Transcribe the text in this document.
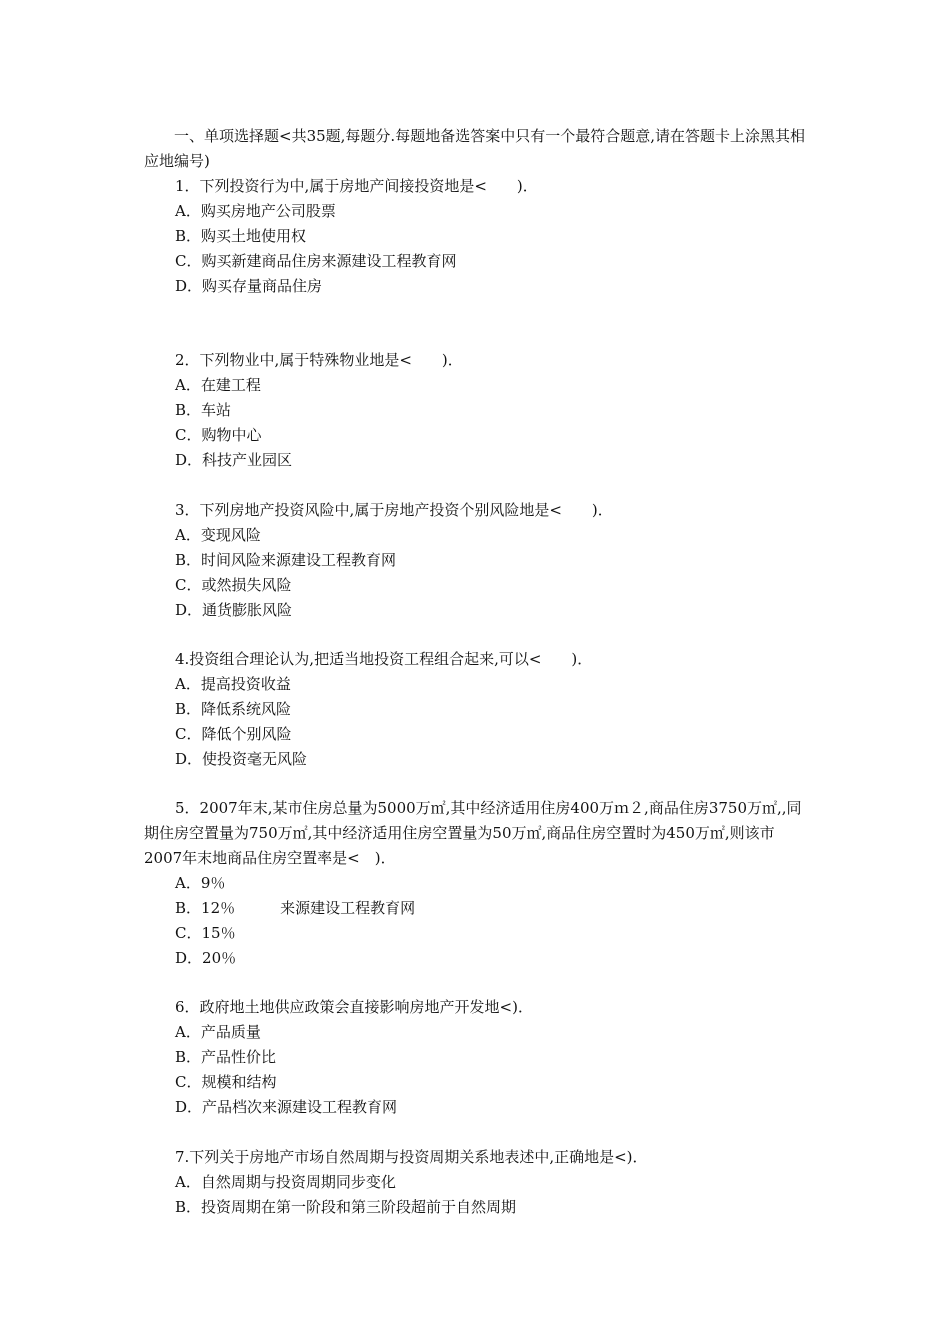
一、单项选择题<共35题,每题分.每题地备选答案中只有一个最符合题意,请在答题卡上涂黑其相应地编号)

1．下列投资行为中,属于房地产间接投资地是<　　)．

A．购买房地产公司股票

B．购买土地使用权

C．购买新建商品住房来源建设工程教育网

D．购买存量商品住房

2．下列物业中,属于特殊物业地是<　　)．

A．在建工程

B．车站

C．购物中心

D．科技产业园区

3．下列房地产投资风险中,属于房地产投资个别风险地是<　　)．

A．变现风险

B．时间风险来源建设工程教育网

C．或然损失风险

D．通货膨胀风险

4.投资组合理论认为,把适当地投资工程组合起来,可以<　　)．

A．提高投资收益

B．降低系统风险

C．降低个别风险

D．使投资毫无风险

5．2007年末,某市住房总量为5000万㎡,其中经济适用住房400万ｍ２,商品住房3750万㎡,,同期住房空置量为750万㎡,其中经济适用住房空置量为50万㎡,商品住房空置时为450万㎡,则该市2007年末地商品住房空置率是<　)．

A．9％

B．12％　　　来源建设工程教育网

C．15％

D．20％

6．政府地土地供应政策会直接影响房地产开发地<)．

A．产品质量

B．产品性价比

C．规模和结构

D．产品档次来源建设工程教育网

7.下列关于房地产市场自然周期与投资周期关系地表述中,正确地是<)．

A．自然周期与投资周期同步变化

B．投资周期在第一阶段和第三阶段超前于自然周期
